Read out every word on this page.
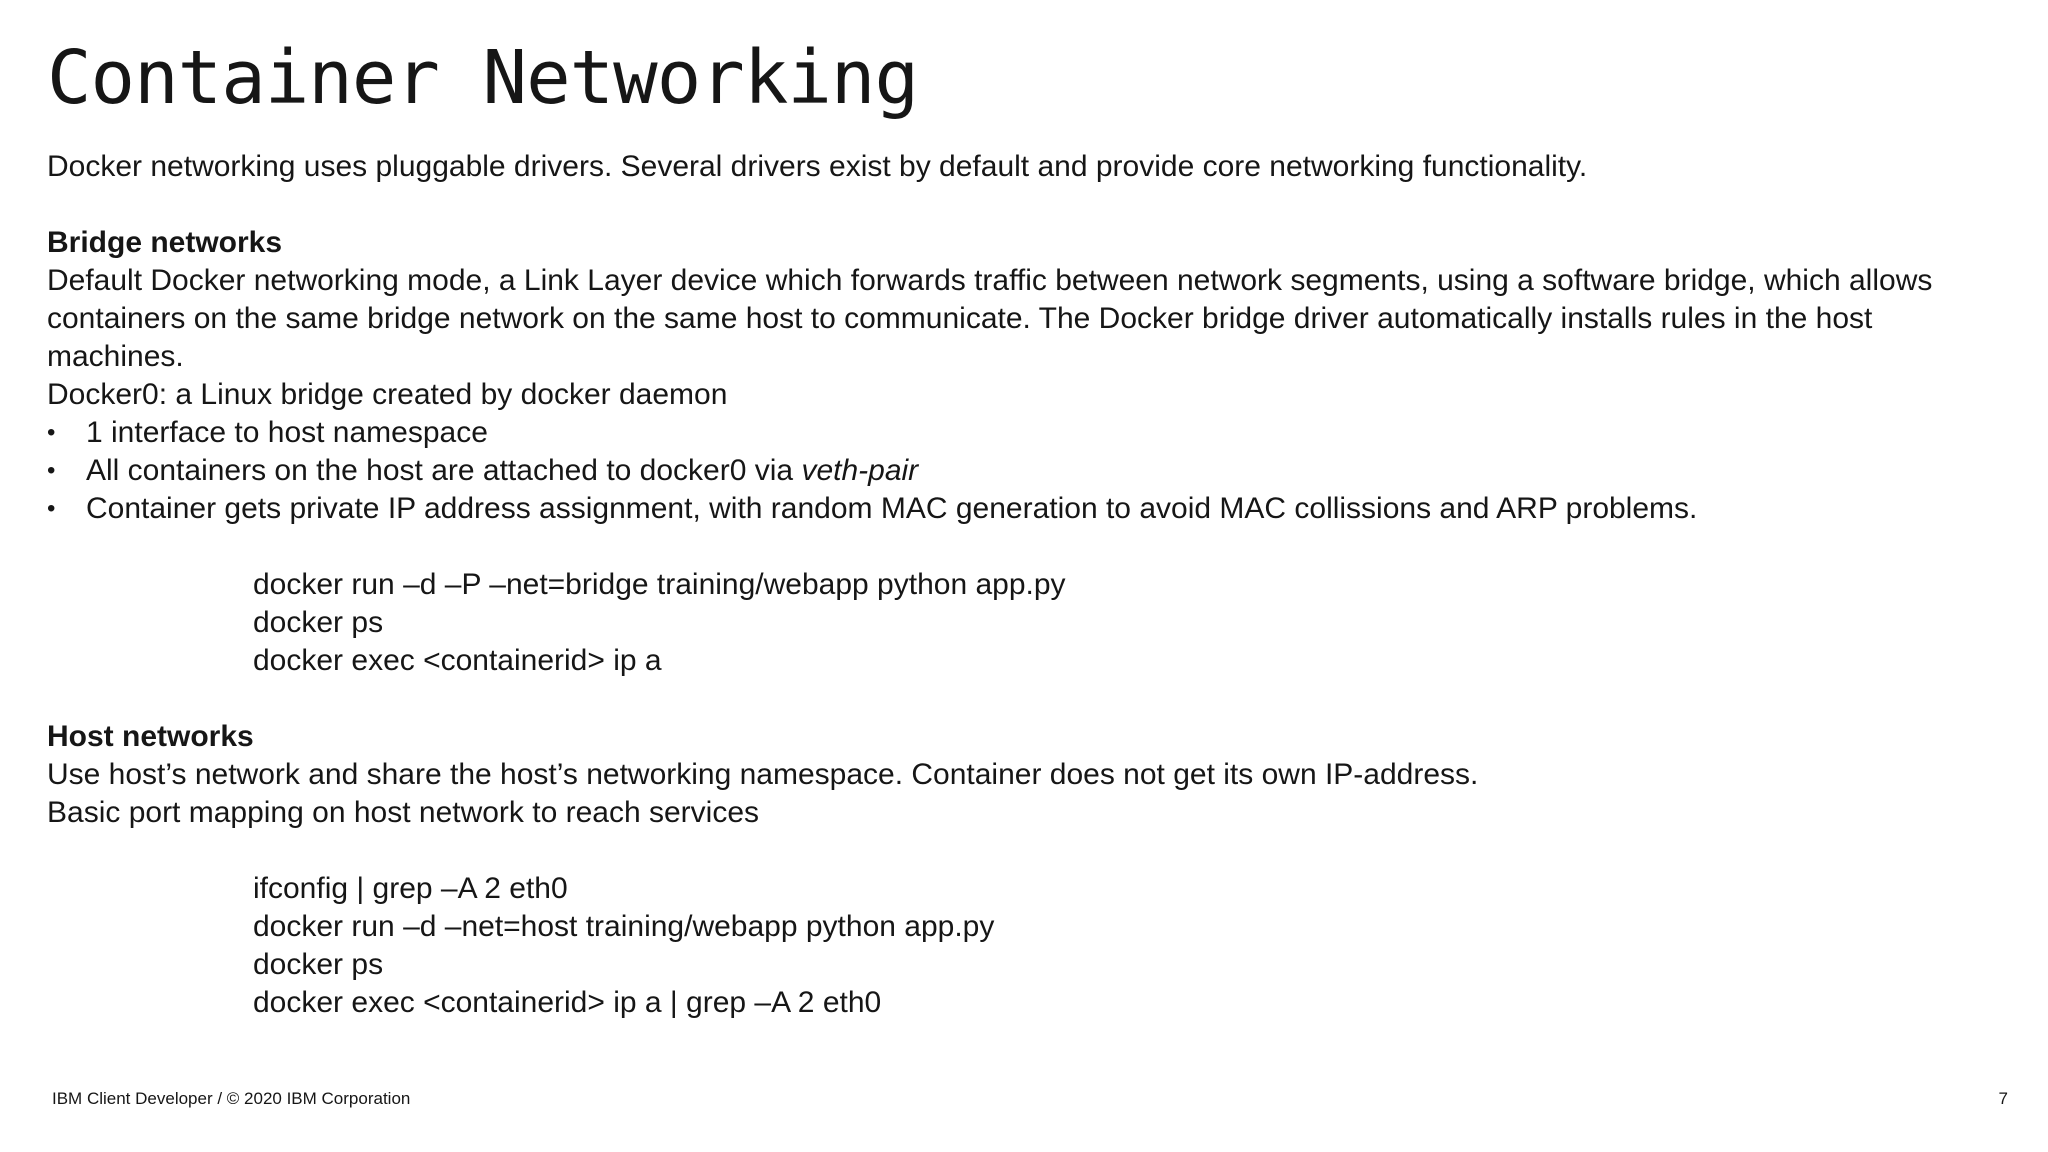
Container Networking

Docker networking uses pluggable drivers. Several drivers exist by default and provide core networking functionality.

Bridge networks

Default Docker networking mode, a Link Layer device which forwards traffic between network segments, using a software bridge, which allows containers on the same bridge network on the same host to communicate. The Docker bridge driver automatically installs rules in the host machines.

Docker0: a Linux bridge created by docker daemon

• 1 interface to host namespace
• All containers on the host are attached to docker0 via veth-pair
• Container gets private IP address assignment, with random MAC generation to avoid MAC collissions and ARP problems.
docker run –d –P –net=bridge training/webapp python app.py
docker ps
docker exec <containerid> ip a

Host networks

Use host’s network and share the host’s networking namespace. Container does not get its own IP-address.

Basic port mapping on host network to reach services

ifconfig | grep –A 2 eth0
docker run –d –net=host training/webapp python app.py
docker ps
docker exec <containerid> ip a | grep –A 2 eth0
IBM Client Developer / © 2020 IBM Corporation	7
